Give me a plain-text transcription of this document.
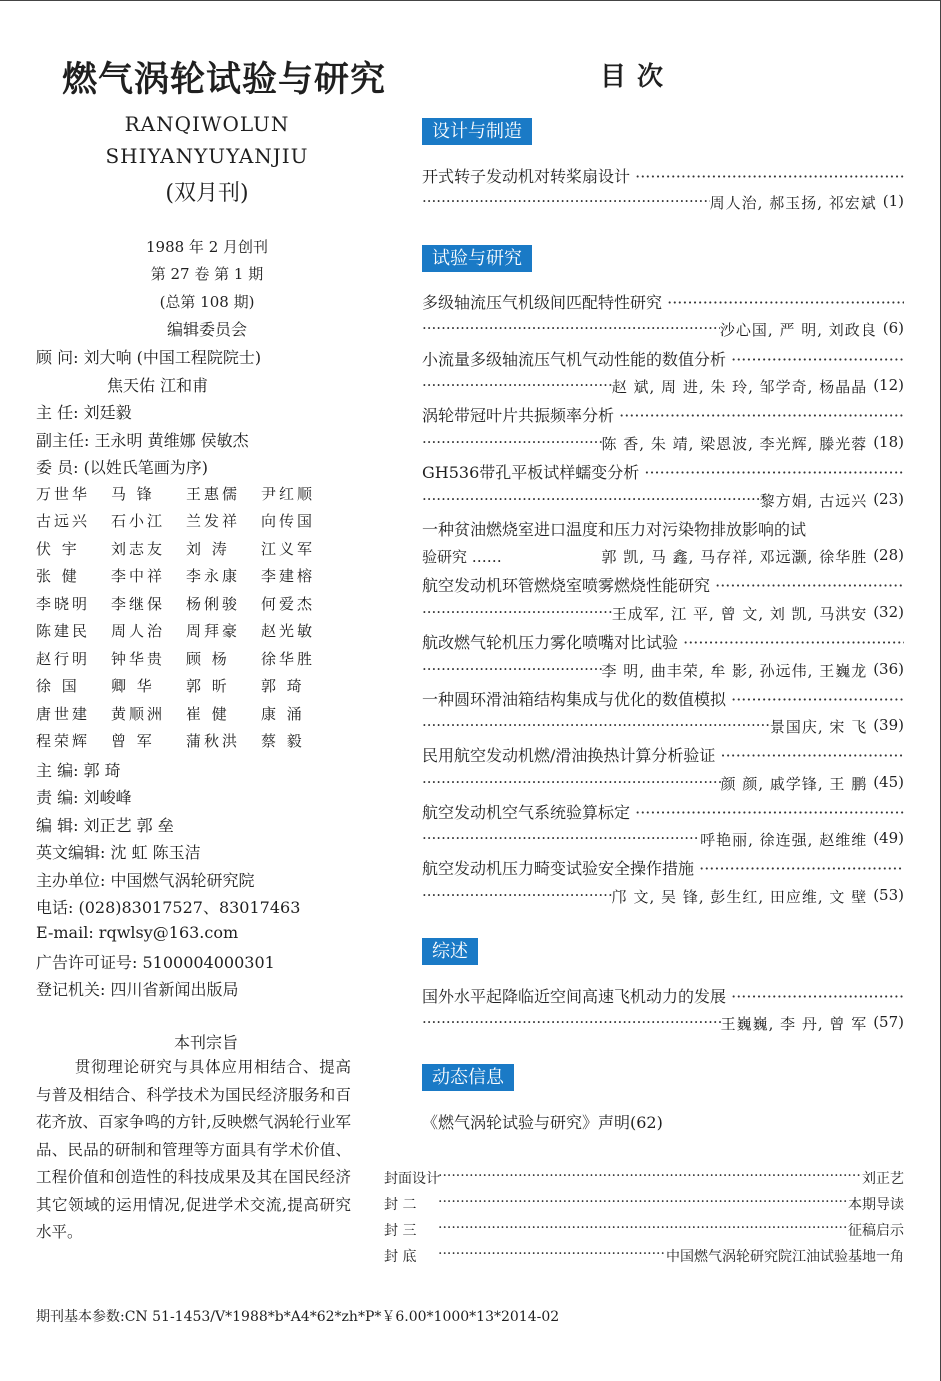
燃气涡轮试验与研究
RANQIWOLUN
SHIYANYUYANJIU
(双月刊)
1988 年 2 月创刊
第 27 卷 第 1 期
(总第 108 期)
编辑委员会
顾 问: 刘大响 (中国工程院院士)
焦天佑 江和甫
主 任: 刘廷毅
副主任: 王永明 黄维娜 侯敏杰
委 员: (以姓氏笔画为序)
万世华	马 锋	王惠儒	尹红顺
古远兴	石小江	兰发祥	向传国
伏 宇	刘志友	刘 涛	江义军
张 健	李中祥	李永康	李建榕
李晓明	李继保	杨俐骏	何爱杰
陈建民	周人治	周拜豪	赵光敏
赵行明	钟华贵	顾 杨	徐华胜
徐 国	卿 华	郭 昕	郭 琦
唐世建	黄顺洲	崔 健	康 涌
程荣辉	曾 军	蒲秋洪	蔡 毅
主 编: 郭 琦
责 编: 刘峻峰
编 辑: 刘正艺 郭 垒
英文编辑: 沈 虹 陈玉洁
主办单位: 中国燃气涡轮研究院
电话: (028)83017527、83017463
E-mail: rqwlsy@163.com
广告许可证号: 5100004000301
登记机关: 四川省新闻出版局
本刊宗旨
贯彻理论研究与具体应用相结合、提高与普及相结合、科学技术为国民经济服务和百花齐放、百家争鸣的方针,反映燃气涡轮行业军品、民品的研制和管理等方面具有学术价值、工程价值和创造性的科技成果及其在国民经济其它领域的运用情况,促进学术交流,提高研究水平。
目 次
设计与制造
开式转子发动机对转桨扇设计 ·····
·····
周人治, 郝玉扬, 祁宏斌 (1)
试验与研究
多级轴流压气机级间匹配特性研究 ·····
·····
沙心国, 严 明, 刘政良 (6)
小流量多级轴流压气机气动性能的数值分析 ·····
·····
赵 斌, 周 进, 朱 玲, 邹学奇, 杨晶晶 (12)
涡轮带冠叶片共振频率分析 ·····
·····
陈 香, 朱 靖, 梁恩波, 李光辉, 滕光蓉 (18)
GH536带孔平板试样蠕变分析 ·····
·····
黎方娟, 古远兴 (23)
一种贫油燃烧室进口温度和压力对污染物排放影响的试
验研究 ……	郭 凯, 马 鑫, 马存祥, 邓远灏, 徐华胜 (28)
航空发动机环管燃烧室喷雾燃烧性能研究 ·····
·····
王成军, 江 平, 曾 文, 刘 凯, 马洪安 (32)
航改燃气轮机压力雾化喷嘴对比试验 ·····
·····
李 明, 曲丰荣, 牟 影, 孙远伟, 王巍龙 (36)
一种圆环滑油箱结构集成与优化的数值模拟 ·····
·····
景国庆, 宋 飞 (39)
民用航空发动机燃/滑油换热计算分析验证 ·····
·····
颜 颜, 戚学锋, 王 鹏 (45)
航空发动机空气系统验算标定 ·····
·····
呼艳丽, 徐连强, 赵维维 (49)
航空发动机压力畸变试验安全操作措施 ·····
·····
邝 文, 吴 锋, 彭生红, 田应维, 文 壁 (53)
综述
国外水平起降临近空间高速飞机动力的发展 ·····
·····
王巍巍, 李 丹, 曾 军 (57)
动态信息
《燃气涡轮试验与研究》声明(62)
封面设计 ·····	刘正艺
封 二 ·····	本期导读
封 三 ·····	征稿启示
封 底 ·····	中国燃气涡轮研究院江油试验基地一角
期刊基本参数:CN 51-1453/V*1988*b*A4*62*zh*P*￥6.00*1000*13*2014-02
